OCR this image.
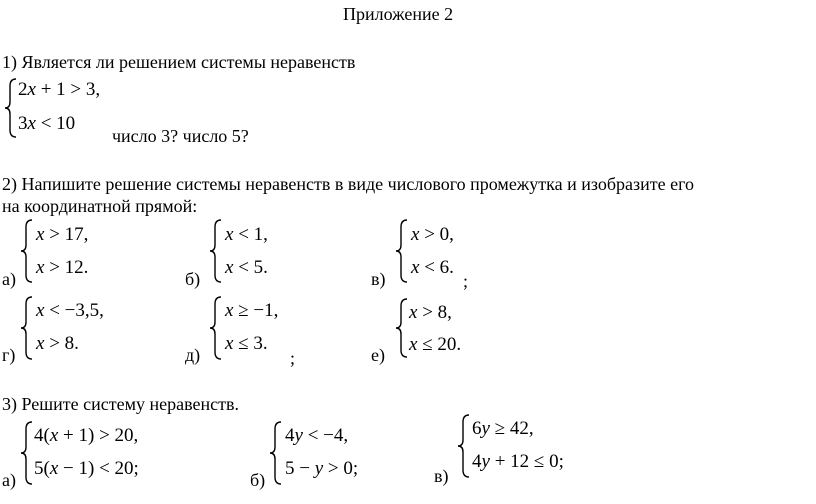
Приложение 2
1) Является ли решением системы неравенств
2x + 1 > 3,
3x < 10
число 3? число 5?
2) Напишите решение системы неравенств в виде числового промежутка и изобразите его
на координатной прямой:
а)
x > 17,
x > 12.
б)
x < 1,
x < 5.
в)
x > 0,
x < 6.
;
г)
x < −3,5,
x > 8.
д)
x ≥ −1,
x ≤ 3.
;	е)
x > 8,
x ≤ 20.
3) Решите систему неравенств.
а)
4(x + 1) > 20,
5(x − 1) < 20;
б)
4y < −4,
5 − y > 0;	в)
6y ≥ 42,
4y + 12 ≤ 0;
